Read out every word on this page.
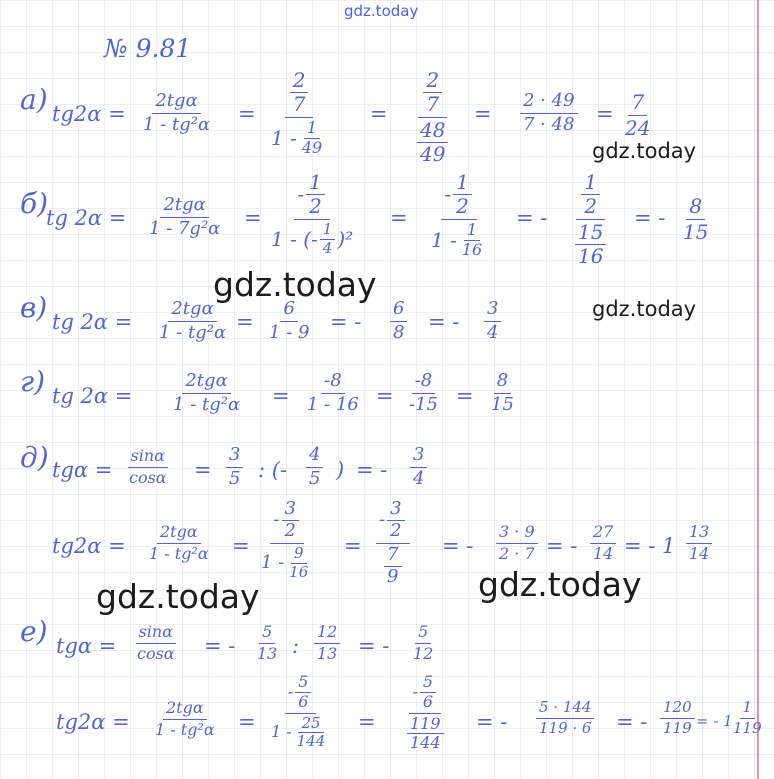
gdz.today
gdz.today
gdz.today
gdz.today
gdz.today	gdz.today
№ 9.81
а) tg2α =
2tgα
1 - tg²α = 2
7
$1 - \frac{1}{49} = 2$
7
48
$49 = \frac{2 \cdot 49}{7 \cdot 48} = \frac{7}{24}$
б)
tg 2α =
2tgα
$1 - 7g^2\alpha = \frac{- \frac{1}{2}}{1 - (- \frac{1}{4} )^2} = \frac{- \frac{1}{2}}{1 - \frac{1}{16}}$ = - 1
2
15
16 = - $\frac{8}{15}$
в) tg 2α =
2tgα
$1 - tg^2\alpha = \frac{6}{1 - 9}$ = - $\frac{6}{8}$ = - $\frac{3}{4}$
г) tg 2α =
2tgα
$1 - tg^2\alpha = \frac{-8}{1 - 16} = \frac{-8}{-15} = \frac{8}{15}$
д) $tg\alpha = \frac{\sin\alpha}{\cos\alpha} = \frac{3}{5}$ : (- $\frac{4}{5}$ ) = - $\frac{3}{4}$
tg2α =
2tgα
$1 - tg^2\alpha = \frac{- \frac{3}{2}}{1 - \frac{9}{16}}$ = - $\frac{3}{2}$
7
9 = - $\frac{3 \cdot 9}{2 \cdot 7}$ = - $\frac{27}{14}$ = - $1 \frac{13}{14}$
е) $tg\alpha = \frac{\sin\alpha}{\cos\alpha}$ = - $\frac{5}{13}$ : $\frac{12}{13}$ = - $\frac{5}{12}$
tg2α =
2tgα
$1 - tg^2\alpha = \frac{- \frac{5}{6}}{1 - \frac{25}{144}}$ = - $\frac{5}{6}$
119
144 = - $\frac{5 \cdot 144}{119 \cdot 6}$ = - $\frac{120}{119}$ = - 1
$\frac{1}{119}$
